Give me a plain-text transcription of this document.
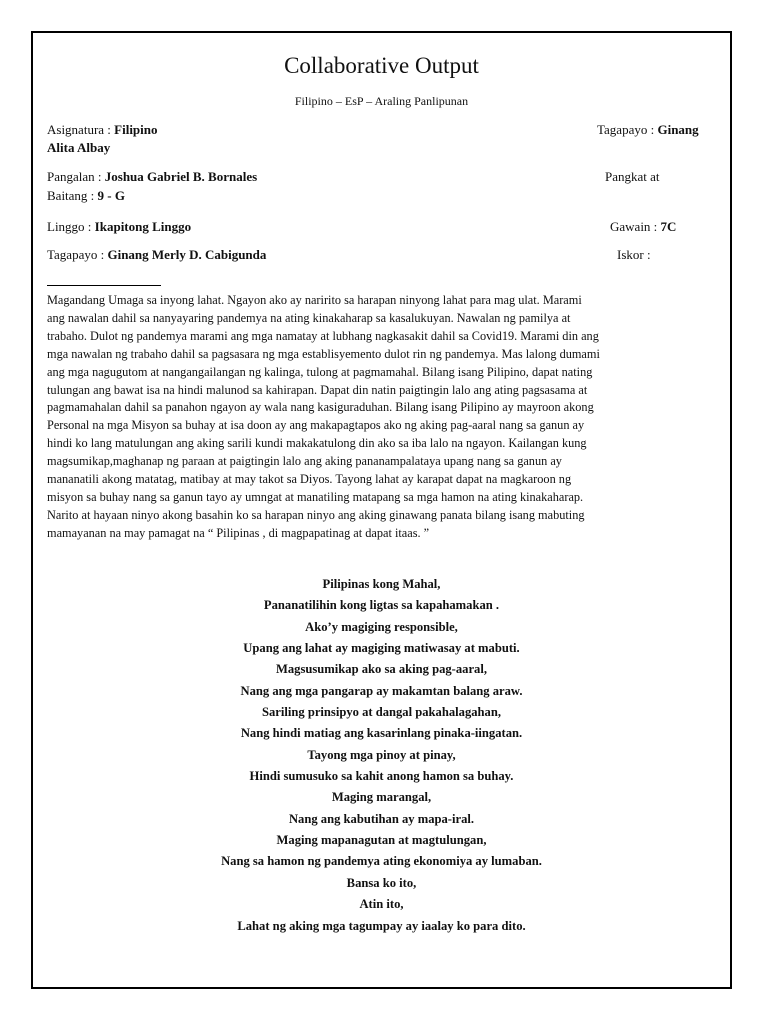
Collaborative Output
Filipino – EsP – Araling Panlipunan
Asignatura : Filipino	Tagapayo : Ginang
Alita Albay
Pangalan : Joshua Gabriel B. Bornales	Pangkat at
Baitang : 9 - G
Linggo : Ikapitong Linggo	Gawain : 7C
Tagapayo : Ginang Merly D. Cabigunda	Iskor :
Magandang Umaga sa inyong lahat. Ngayon ako ay naririto sa harapan ninyong lahat para mag ulat. Marami
ang nawalan dahil sa nanyayaring pandemya na ating kinakaharap sa kasalukuyan. Nawalan ng pamilya at
trabaho. Dulot ng pandemya marami ang mga namatay at lubhang nagkasakit dahil sa Covid19. Marami din ang
mga nawalan ng trabaho dahil sa pagsasara ng mga establisyemento dulot rin ng pandemya. Mas lalong dumami
ang mga nagugutom at nangangailangan ng kalinga, tulong at pagmamahal. Bilang isang Pilipino, dapat nating
tulungan ang bawat isa na hindi malunod sa kahirapan. Dapat din natin paigtingin lalo ang ating pagsasama at
pagmamahalan dahil sa panahon ngayon ay wala nang kasiguraduhan. Bilang isang Pilipino ay mayroon akong
Personal na mga Misyon sa buhay at isa doon ay ang makapagtapos ako ng aking pag-aaral nang sa ganun ay
hindi ko lang matulungan ang aking sarili kundi makakatulong din ako sa iba lalo na ngayon. Kailangan kung
magsumikap,maghanap ng paraan at paigtingin lalo ang aking pananampalataya upang nang sa ganun ay
mananatili akong matatag, matibay at may takot sa Diyos. Tayong lahat ay karapat dapat na magkaroon ng
misyon sa buhay nang sa ganun tayo ay umngat at manatiling matapang sa mga hamon na ating kinakaharap.
Narito at hayaan ninyo akong basahin ko sa harapan ninyo ang aking ginawang panata bilang isang mabuting
mamayanan na may pamagat na “ Pilipinas , di magpapatinag at dapat itaas. ”
Pilipinas kong Mahal,
Pananatilihin kong ligtas sa kapahamakan .
Ako’y magiging responsible,
Upang ang lahat ay magiging matiwasay at mabuti.
Magsusumikap ako sa aking pag-aaral,
Nang ang mga pangarap ay makamtan balang araw.
Sariling prinsipyo at dangal pakahalagahan,
Nang hindi matiag ang kasarinlang pinaka-iingatan.
Tayong mga pinoy at pinay,
Hindi sumusuko sa kahit anong hamon sa buhay.
Maging marangal,
Nang ang kabutihan ay mapa-iral.
Maging mapanagutan at magtulungan,
Nang sa hamon ng pandemya ating ekonomiya ay lumaban.
Bansa ko ito,
Atin ito,
Lahat ng aking mga tagumpay ay iaalay ko para dito.
